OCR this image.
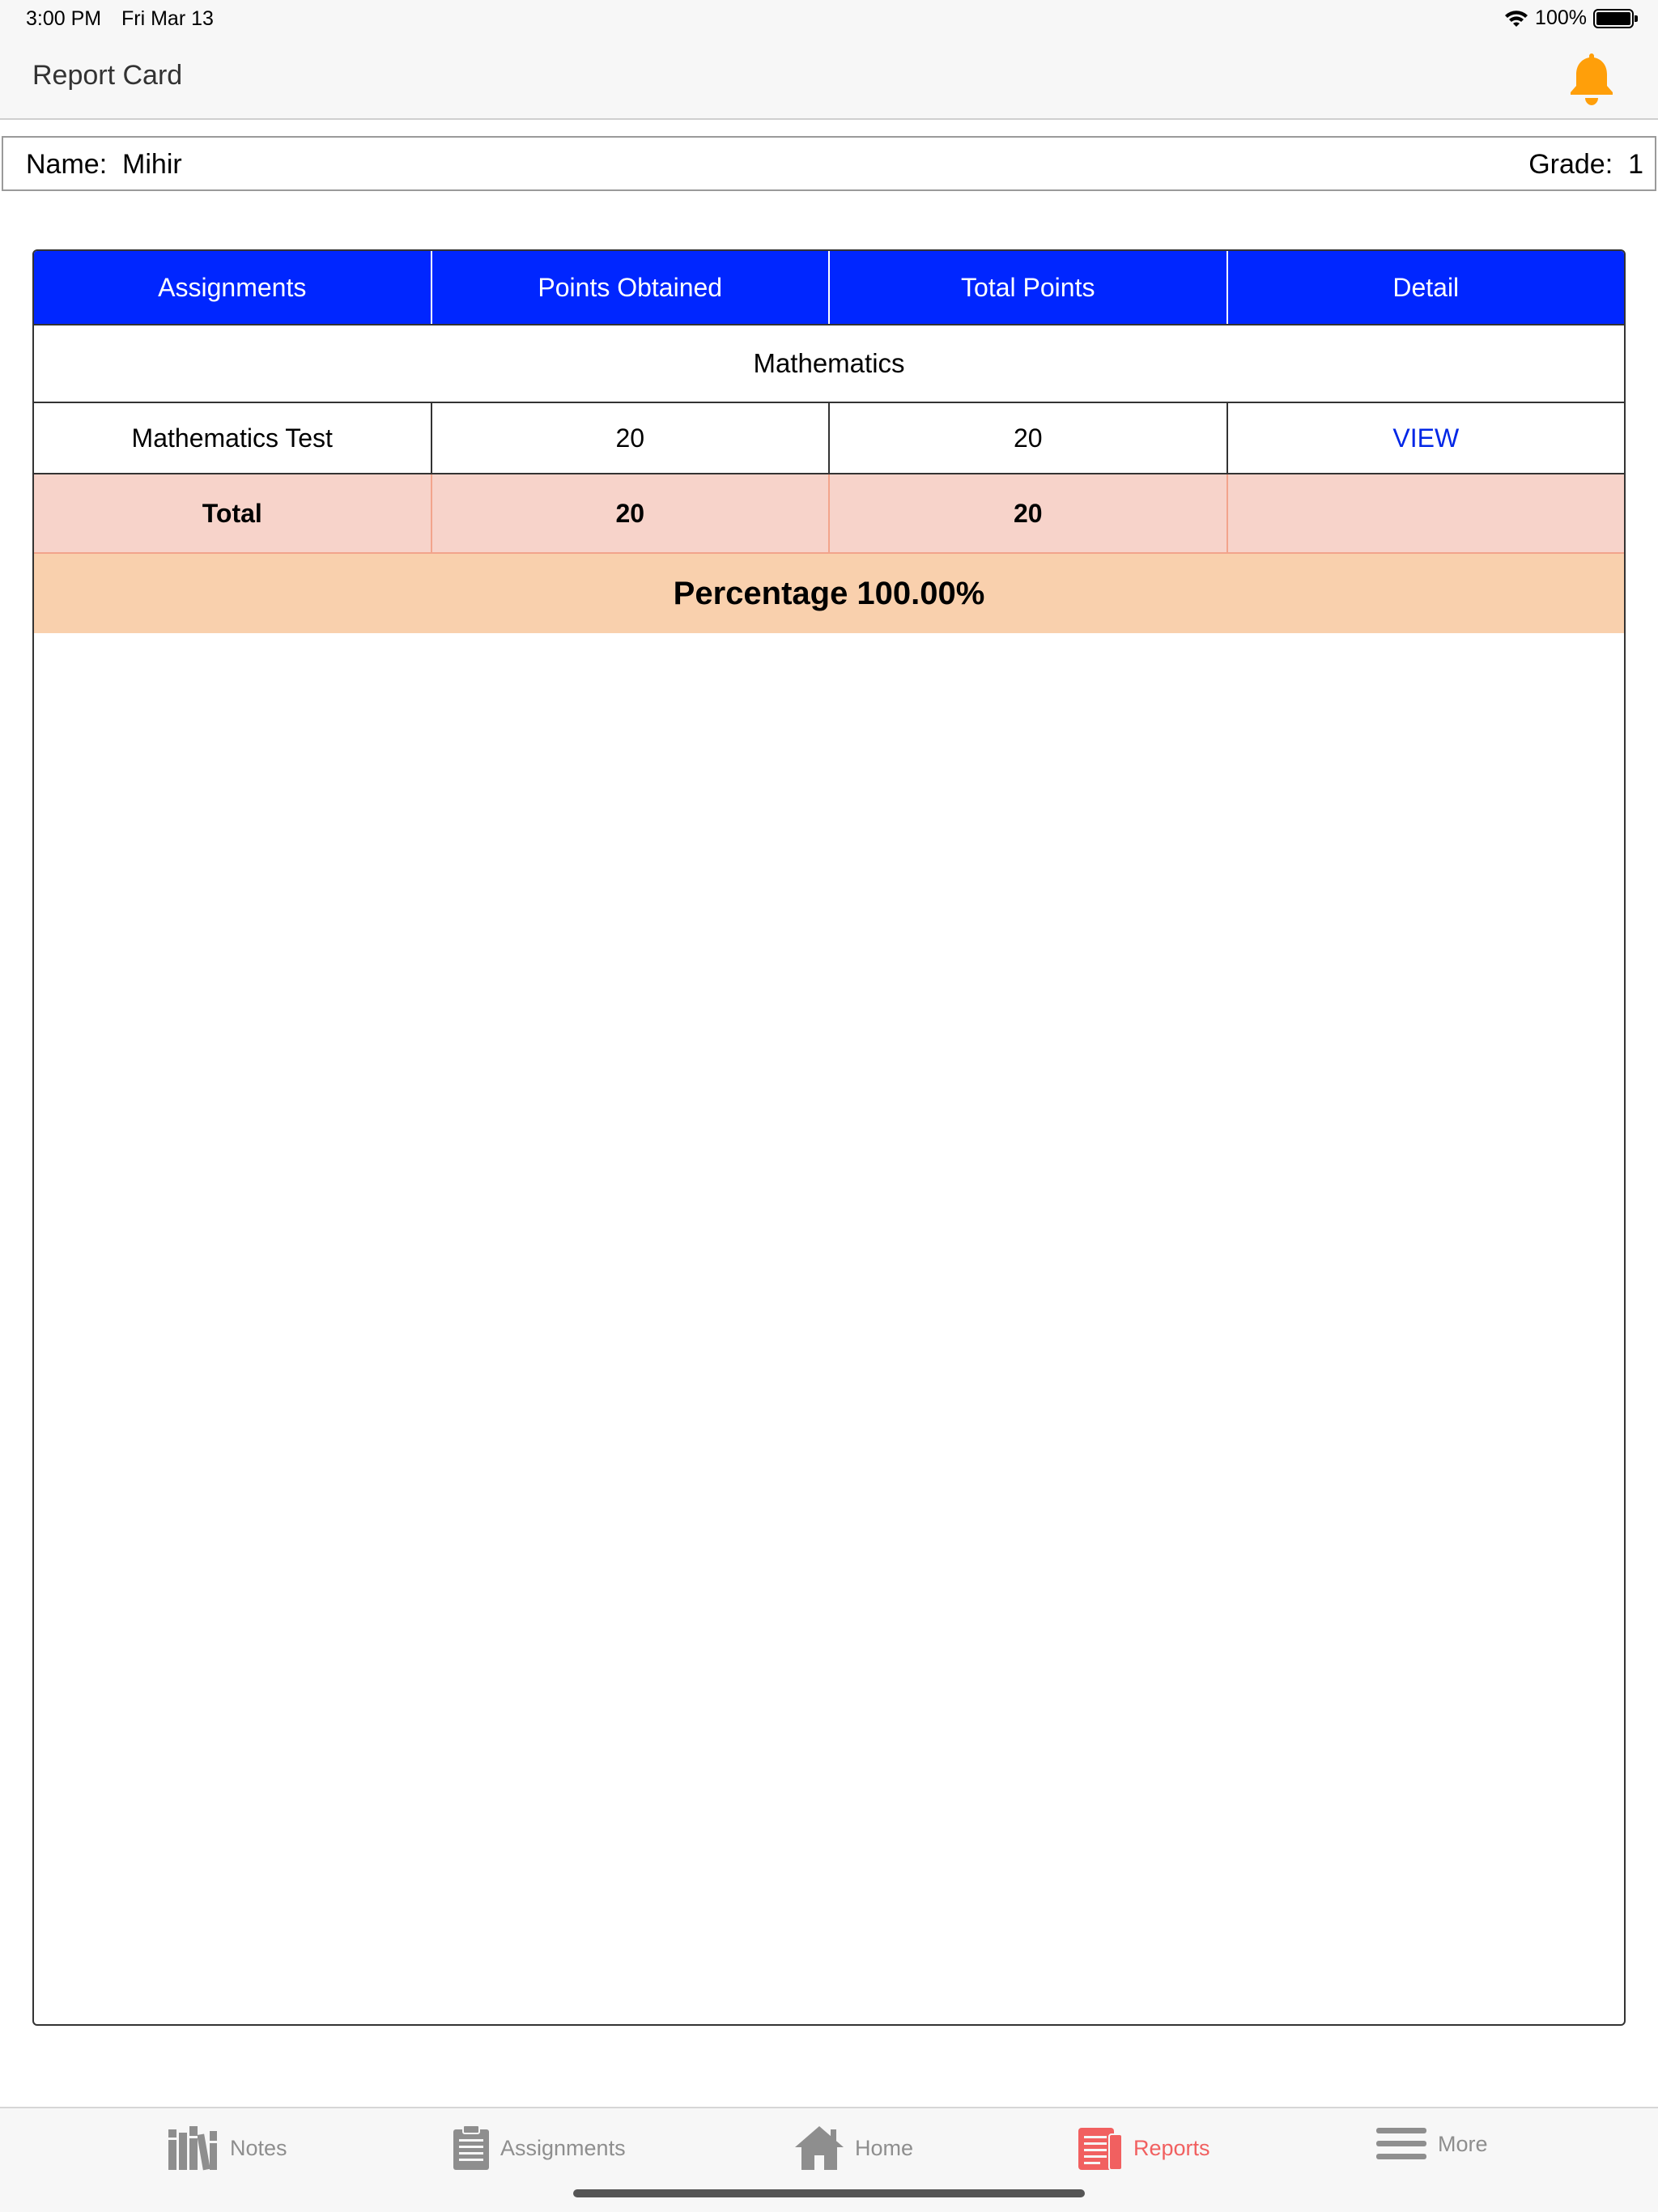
3:00 PM Fri Mar 13	100%
Report Card
Name: Mihir	Grade: 1
Assignments	Points Obtained	Total Points	Detail
Mathematics
Mathematics Test	20	20	VIEW
Total	20	20
Percentage 100.00%
Notes	Assignments	Home	Reports	More
